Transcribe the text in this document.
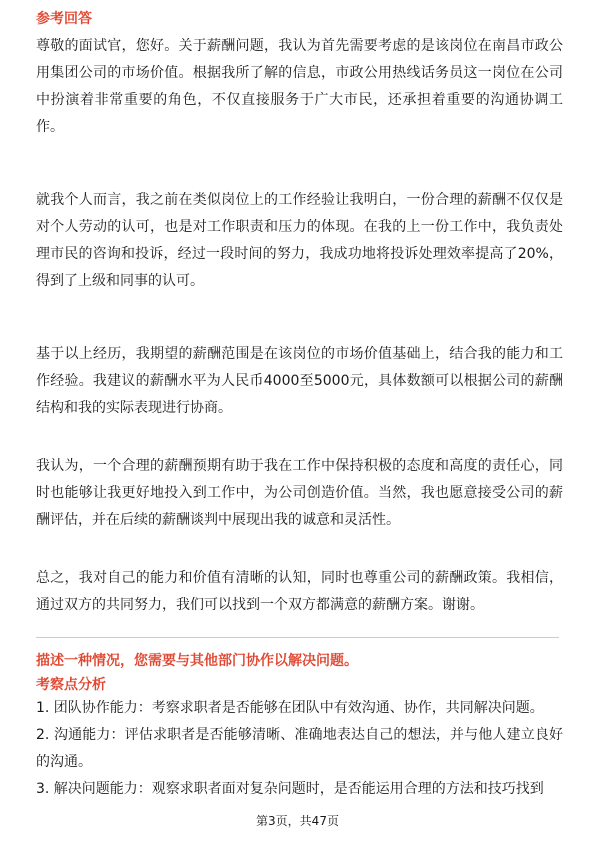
参考回答

尊敬的面试官，您好。关于薪酬问题，我认为首先需要考虑的是该岗位在南昌市政公用集团公司的市场价值。根据我所了解的信息，市政公用热线话务员这一岗位在公司中扮演着非常重要的角色，不仅直接服务于广大市民，还承担着重要的沟通协调工作。

就我个人而言，我之前在类似岗位上的工作经验让我明白，一份合理的薪酬不仅仅是对个人劳动的认可，也是对工作职责和压力的体现。在我的上一份工作中，我负责处理市民的咨询和投诉，经过一段时间的努力，我成功地将投诉处理效率提高了20%，得到了上级和同事的认可。

基于以上经历，我期望的薪酬范围是在该岗位的市场价值基础上，结合我的能力和工作经验。我建议的薪酬水平为人民币4000至5000元，具体数额可以根据公司的薪酬结构和我的实际表现进行协商。

我认为，一个合理的薪酬预期有助于我在工作中保持积极的态度和高度的责任心，同时也能够让我更好地投入到工作中，为公司创造价值。当然，我也愿意接受公司的薪酬评估，并在后续的薪酬谈判中展现出我的诚意和灵活性。

总之，我对自己的能力和价值有清晰的认知，同时也尊重公司的薪酬政策。我相信，通过双方的共同努力，我们可以找到一个双方都满意的薪酬方案。谢谢。

描述一种情况，您需要与其他部门协作以解决问题。
考察点分析
1. 团队协作能力：考察求职者是否能够在团队中有效沟通、协作，共同解决问题。
2. 沟通能力：评估求职者是否能够清晰、准确地表达自己的想法，并与他人建立良好的沟通。
3. 解决问题能力：观察求职者面对复杂问题时，是否能运用合理的方法和技巧找到
第3页，共47页
